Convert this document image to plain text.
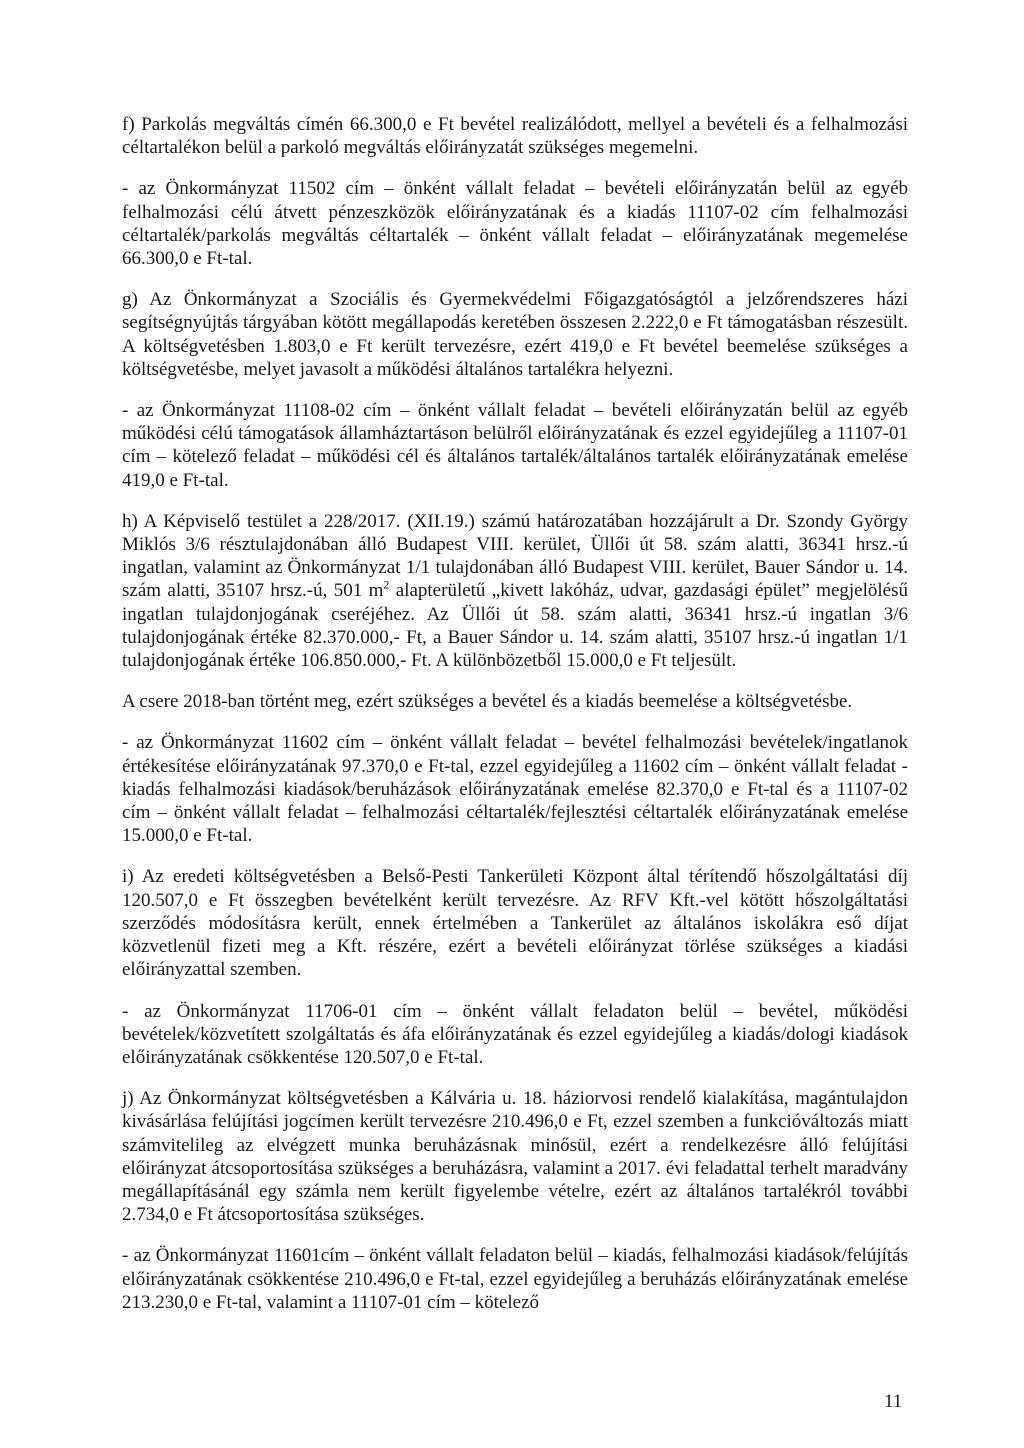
f) Parkolás megváltás címén 66.300,0 e Ft bevétel realizálódott, mellyel a bevételi és a felhalmozási céltartalékon belül a parkoló megváltás előirányzatát szükséges megemelni.

- az Önkormányzat 11502 cím – önként vállalt feladat – bevételi előirányzatán belül az egyéb felhalmozási célú átvett pénzeszközök előirányzatának és a kiadás 11107-02 cím felhalmozási céltartalék/parkolás megváltás céltartalék – önként vállalt feladat – előirányzatának megemelése 66.300,0 e Ft-tal.

g) Az Önkormányzat a Szociális és Gyermekvédelmi Főigazgatóságtól a jelzőrendszeres házi segítségnyújtás tárgyában kötött megállapodás keretében összesen 2.222,0 e Ft támogatásban részesült. A költségvetésben 1.803,0 e Ft került tervezésre, ezért 419,0 e Ft bevétel beemelése szükséges a költségvetésbe, melyet javasolt a működési általános tartalékra helyezni.

- az Önkormányzat 11108-02 cím – önként vállalt feladat – bevételi előirányzatán belül az egyéb működési célú támogatások államháztartáson belülről előirányzatának és ezzel egyidejűleg a 11107-01 cím – kötelező feladat – működési cél és általános tartalék/általános tartalék előirányzatának emelése 419,0 e Ft-tal.

h) A Képviselő testület a 228/2017. (XII.19.) számú határozatában hozzájárult a Dr. Szondy György Miklós 3/6 résztulajdonában álló Budapest VIII. kerület, Üllői út 58. szám alatti, 36341 hrsz.-ú ingatlan, valamint az Önkormányzat 1/1 tulajdonában álló Budapest VIII. kerület, Bauer Sándor u. 14. szám alatti, 35107 hrsz.-ú, 501 $m^2$ alapterületű „kivett lakóház, udvar, gazdasági épület” megjelölésű ingatlan tulajdonjogának cseréjéhez. Az Üllői út 58. szám alatti, 36341 hrsz.-ú ingatlan 3/6 tulajdonjogának értéke 82.370.000,- Ft, a Bauer Sándor u. 14. szám alatti, 35107 hrsz.-ú ingatlan 1/1 tulajdonjogának értéke 106.850.000,- Ft. A különbözetből 15.000,0 e Ft teljesült.

A csere 2018-ban történt meg, ezért szükséges a bevétel és a kiadás beemelése a költségvetésbe.

- az Önkormányzat 11602 cím – önként vállalt feladat – bevétel felhalmozási bevételek/ingatlanok értékesítése előirányzatának 97.370,0 e Ft-tal, ezzel egyidejűleg a 11602 cím – önként vállalt feladat - kiadás felhalmozási kiadások/beruházások előirányzatának emelése 82.370,0 e Ft-tal és a 11107-02 cím – önként vállalt feladat – felhalmozási céltartalék/fejlesztési céltartalék előirányzatának emelése 15.000,0 e Ft-tal.

i) Az eredeti költségvetésben a Belső-Pesti Tankerületi Központ által térítendő hőszolgáltatási díj 120.507,0 e Ft összegben bevételként került tervezésre. Az RFV Kft.-vel kötött hőszolgáltatási szerződés módosításra került, ennek értelmében a Tankerület az általános iskolákra eső díjat közvetlenül fizeti meg a Kft. részére, ezért a bevételi előirányzat törlése szükséges a kiadási előirányzattal szemben.

- az Önkormányzat 11706-01 cím – önként vállalt feladaton belül – bevétel, működési bevételek/közvetített szolgáltatás és áfa előirányzatának és ezzel egyidejűleg a kiadás/dologi kiadások előirányzatának csökkentése 120.507,0 e Ft-tal.

j) Az Önkormányzat költségvetésben a Kálvária u. 18. háziorvosi rendelő kialakítása, magántulajdon kivásárlása felújítási jogcímen került tervezésre 210.496,0 e Ft, ezzel szemben a funkcióváltozás miatt számvitelileg az elvégzett munka beruházásnak minősül, ezért a rendelkezésre álló felújítási előirányzat átcsoportosítása szükséges a beruházásra, valamint a 2017. évi feladattal terhelt maradvány megállapításánál egy számla nem került figyelembe vételre, ezért az általános tartalékról további 2.734,0 e Ft átcsoportosítása szükséges.

- az Önkormányzat 11601cím – önként vállalt feladaton belül – kiadás, felhalmozási kiadások/felújítás előirányzatának csökkentése 210.496,0 e Ft-tal, ezzel egyidejűleg a beruházás előirányzatának emelése 213.230,0 e Ft-tal, valamint a 11107-01 cím – kötelező

11
